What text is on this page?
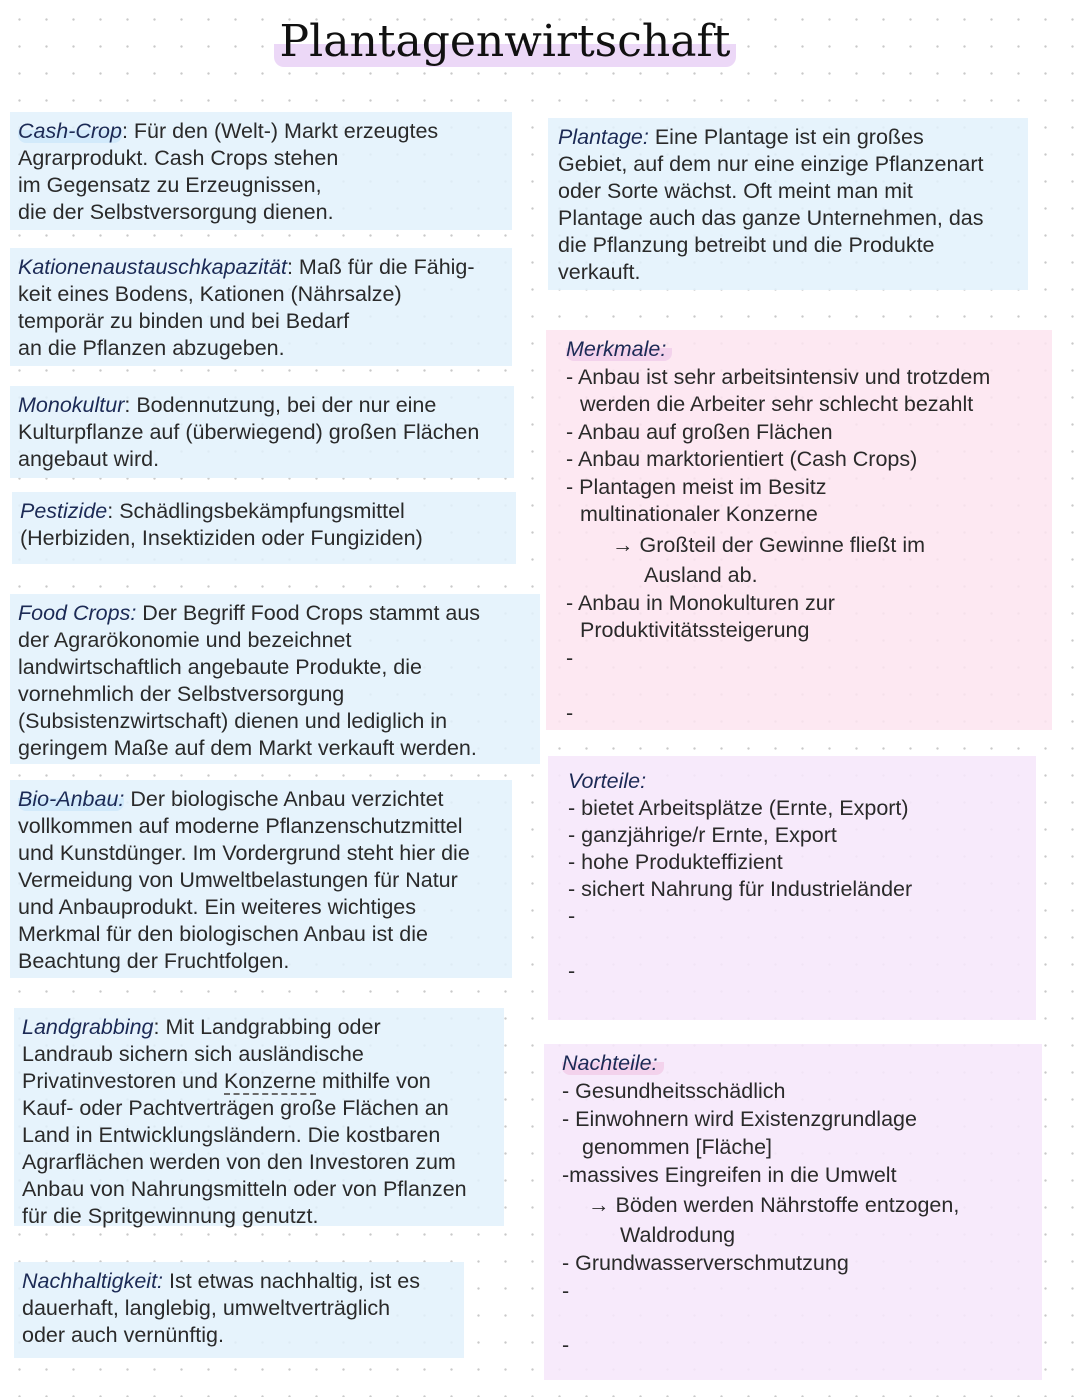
Plantagenwirtschaft
Cash-Crop: Für den (Welt-) Markt erzeugtes
Agrarprodukt. Cash Crops stehen
im Gegensatz zu Erzeugnissen,
die der Selbstversorgung dienen.
Kationenaustauschkapazität: Maß für die Fähig-
keit eines Bodens, Kationen (Nährsalze)
temporär zu binden und bei Bedarf
an die Pflanzen abzugeben.
Monokultur: Bodennutzung, bei der nur eine
Kulturpflanze auf (überwiegend) großen Flächen
angebaut wird.
Pestizide: Schädlingsbekämpfungsmittel
(Herbiziden, Insektiziden oder Fungiziden)
Food Crops: Der Begriff Food Crops stammt aus
der Agrarökonomie und bezeichnet
landwirtschaftlich angebaute Produkte, die
vornehmlich der Selbstversorgung
(Subsistenzwirtschaft) dienen und lediglich in
geringem Maße auf dem Markt verkauft werden.
Bio-Anbau: Der biologische Anbau verzichtet
vollkommen auf moderne Pflanzenschutzmittel
und Kunstdünger. Im Vordergrund steht hier die
Vermeidung von Umweltbelastungen für Natur
und Anbauprodukt. Ein weiteres wichtiges
Merkmal für den biologischen Anbau ist die
Beachtung der Fruchtfolgen.
Landgrabbing: Mit Landgrabbing oder
Landraub sichern sich ausländische
Privatinvestoren und Konzerne mithilfe von
Kauf- oder Pachtverträgen große Flächen an
Land in Entwicklungsländern. Die kostbaren
Agrarflächen werden von den Investoren zum
Anbau von Nahrungsmitteln oder von Pflanzen
für die Spritgewinnung genutzt.
Nachhaltigkeit: Ist etwas nachhaltig, ist es
dauerhaft, langlebig, umweltverträglich
oder auch vernünftig.
Plantage: Eine Plantage ist ein großes
Gebiet, auf dem nur eine einzige Pflanzenart
oder Sorte wächst. Oft meint man mit
Plantage auch das ganze Unternehmen, das
die Pflanzung betreibt und die Produkte
verkauft.
Merkmale:
- Anbau ist sehr arbeitsintensiv und trotzdem
werden die Arbeiter sehr schlecht bezahlt
- Anbau auf großen Flächen
- Anbau marktorientiert (Cash Crops)
- Plantagen meist im Besitz
multinationaler Konzerne
→ Großteil der Gewinne fließt im
Ausland ab.
- Anbau in Monokulturen zur
Produktivitätssteigerung
-
-
Vorteile:
- bietet Arbeitsplätze (Ernte, Export)
- ganzjährige/r Ernte, Export
- hohe Produkteffizient
- sichert Nahrung für Industrieländer
-
-
Nachteile:
- Gesundheitsschädlich
- Einwohnern wird Existenzgrundlage
genommen [Fläche]
-massives Eingreifen in die Umwelt
→ Böden werden Nährstoffe entzogen,
Waldrodung
- Grundwasserverschmutzung
-
-
